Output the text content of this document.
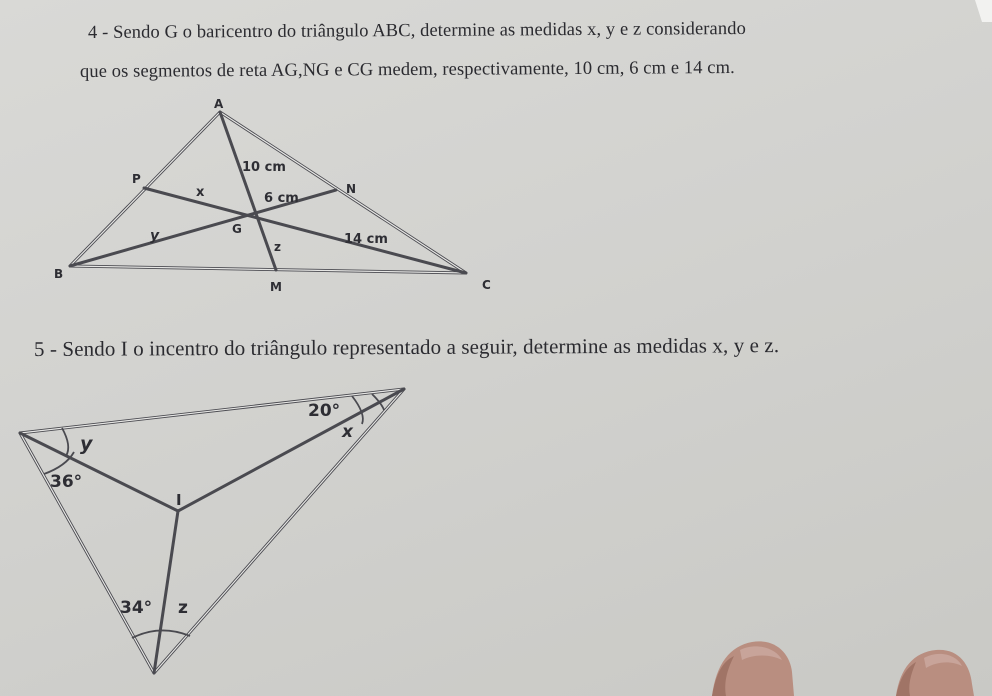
4 - Sendo G o baricentro do triângulo ABC, determine as medidas x, y e z considerando
que os segmentos de reta AG,NG e CG medem, respectivamente, 10 cm, 6 cm e 14 cm.
A
B
C
P
N
M
G
10 cm
6 cm
14 cm
x
y
z
20°
x
y
36°
34° z
I
5 - Sendo I o incentro do triângulo representado a seguir, determine as medidas x, y e z.
